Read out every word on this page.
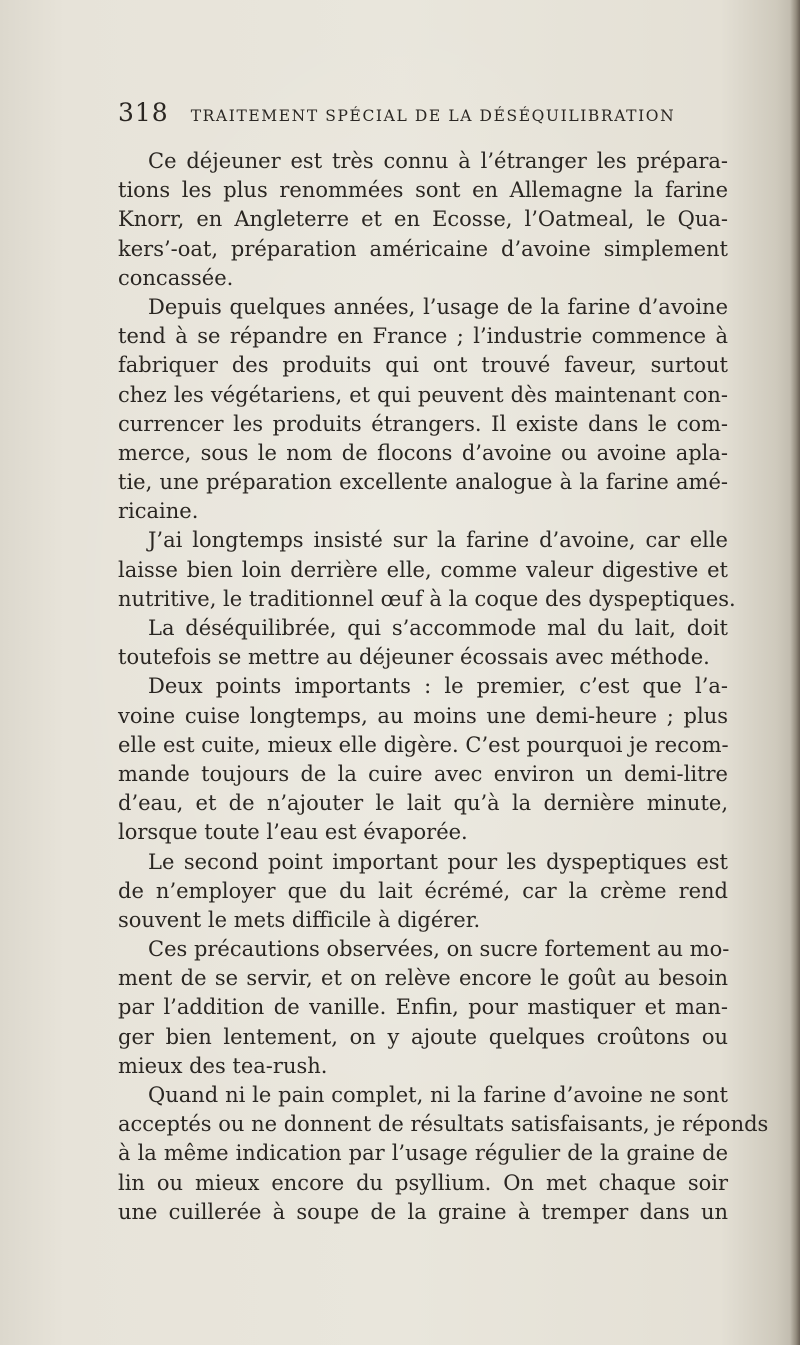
318 TRAITEMENT SPÉCIAL DE LA DÉSÉQUILIBRATION
Ce déjeuner est très connu à l’étranger les prépara-
tions les plus renommées sont en Allemagne la farine
Knorr, en Angleterre et en Ecosse, l’Oatmeal, le Qua-
kers’-oat, préparation américaine d’avoine simplement
concassée.
Depuis quelques années, l’usage de la farine d’avoine
tend à se répandre en France ; l’industrie commence à
fabriquer des produits qui ont trouvé faveur, surtout
chez les végétariens, et qui peuvent dès maintenant con-
currencer les produits étrangers. Il existe dans le com-
merce, sous le nom de flocons d’avoine ou avoine apla-
tie, une préparation excellente analogue à la farine amé-
ricaine.
J’ai longtemps insisté sur la farine d’avoine, car elle
laisse bien loin derrière elle, comme valeur digestive et
nutritive, le traditionnel œuf à la coque des dyspeptiques.
La déséquilibrée, qui s’accommode mal du lait, doit
toutefois se mettre au déjeuner écossais avec méthode.
Deux points importants : le premier, c’est que l’a-
voine cuise longtemps, au moins une demi-heure ; plus
elle est cuite, mieux elle digère. C’est pourquoi je recom-
mande toujours de la cuire avec environ un demi-litre
d’eau, et de n’ajouter le lait qu’à la dernière minute,
lorsque toute l’eau est évaporée.
Le second point important pour les dyspeptiques est
de n’employer que du lait écrémé, car la crème rend
souvent le mets difficile à digérer.
Ces précautions observées, on sucre fortement au mo-
ment de se servir, et on relève encore le goût au besoin
par l’addition de vanille. Enfin, pour mastiquer et man-
ger bien lentement, on y ajoute quelques croûtons ou
mieux des tea-rush.
Quand ni le pain complet, ni la farine d’avoine ne sont
acceptés ou ne donnent de résultats satisfaisants, je réponds
à la même indication par l’usage régulier de la graine de
lin ou mieux encore du psyllium. On met chaque soir
une cuillerée à soupe de la graine à tremper dans un
